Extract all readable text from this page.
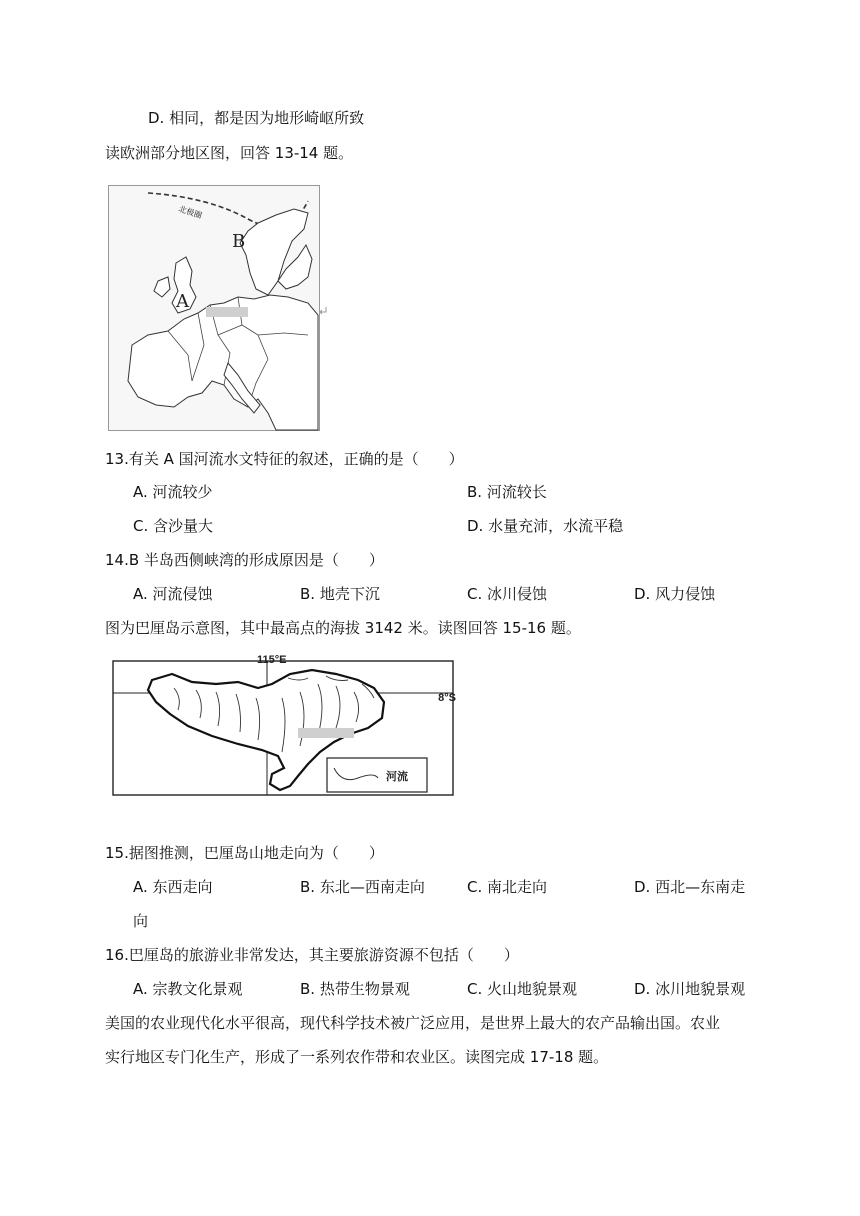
D. 相同，都是因为地形崎岖所致
读欧洲部分地区图，回答 13-14 题。
北极圈
B
A
13.有关 A 国河流水文特征的叙述，正确的是（　　）
A. 河流较少	B. 河流较长
C. 含沙量大	D. 水量充沛，水流平稳
14.B 半岛西侧峡湾的形成原因是（　　）
A. 河流侵蚀	B. 地壳下沉	C. 冰川侵蚀	D. 风力侵蚀
图为巴厘岛示意图，其中最高点的海拔 3142 米。读图回答 15-16 题。
115°E
8°S
河流
15.据图推测，巴厘岛山地走向为（　　）
A. 东西走向	B. 东北—西南走向	C. 南北走向	D. 西北—东南走
向
16.巴厘岛的旅游业非常发达，其主要旅游资源不包括（　　）
A. 宗教文化景观	B. 热带生物景观	C. 火山地貌景观	D. 冰川地貌景观
美国的农业现代化水平很高，现代科学技术被广泛应用，是世界上最大的农产品输出国。农业
实行地区专门化生产，形成了一系列农作带和农业区。读图完成 17-18 题。
